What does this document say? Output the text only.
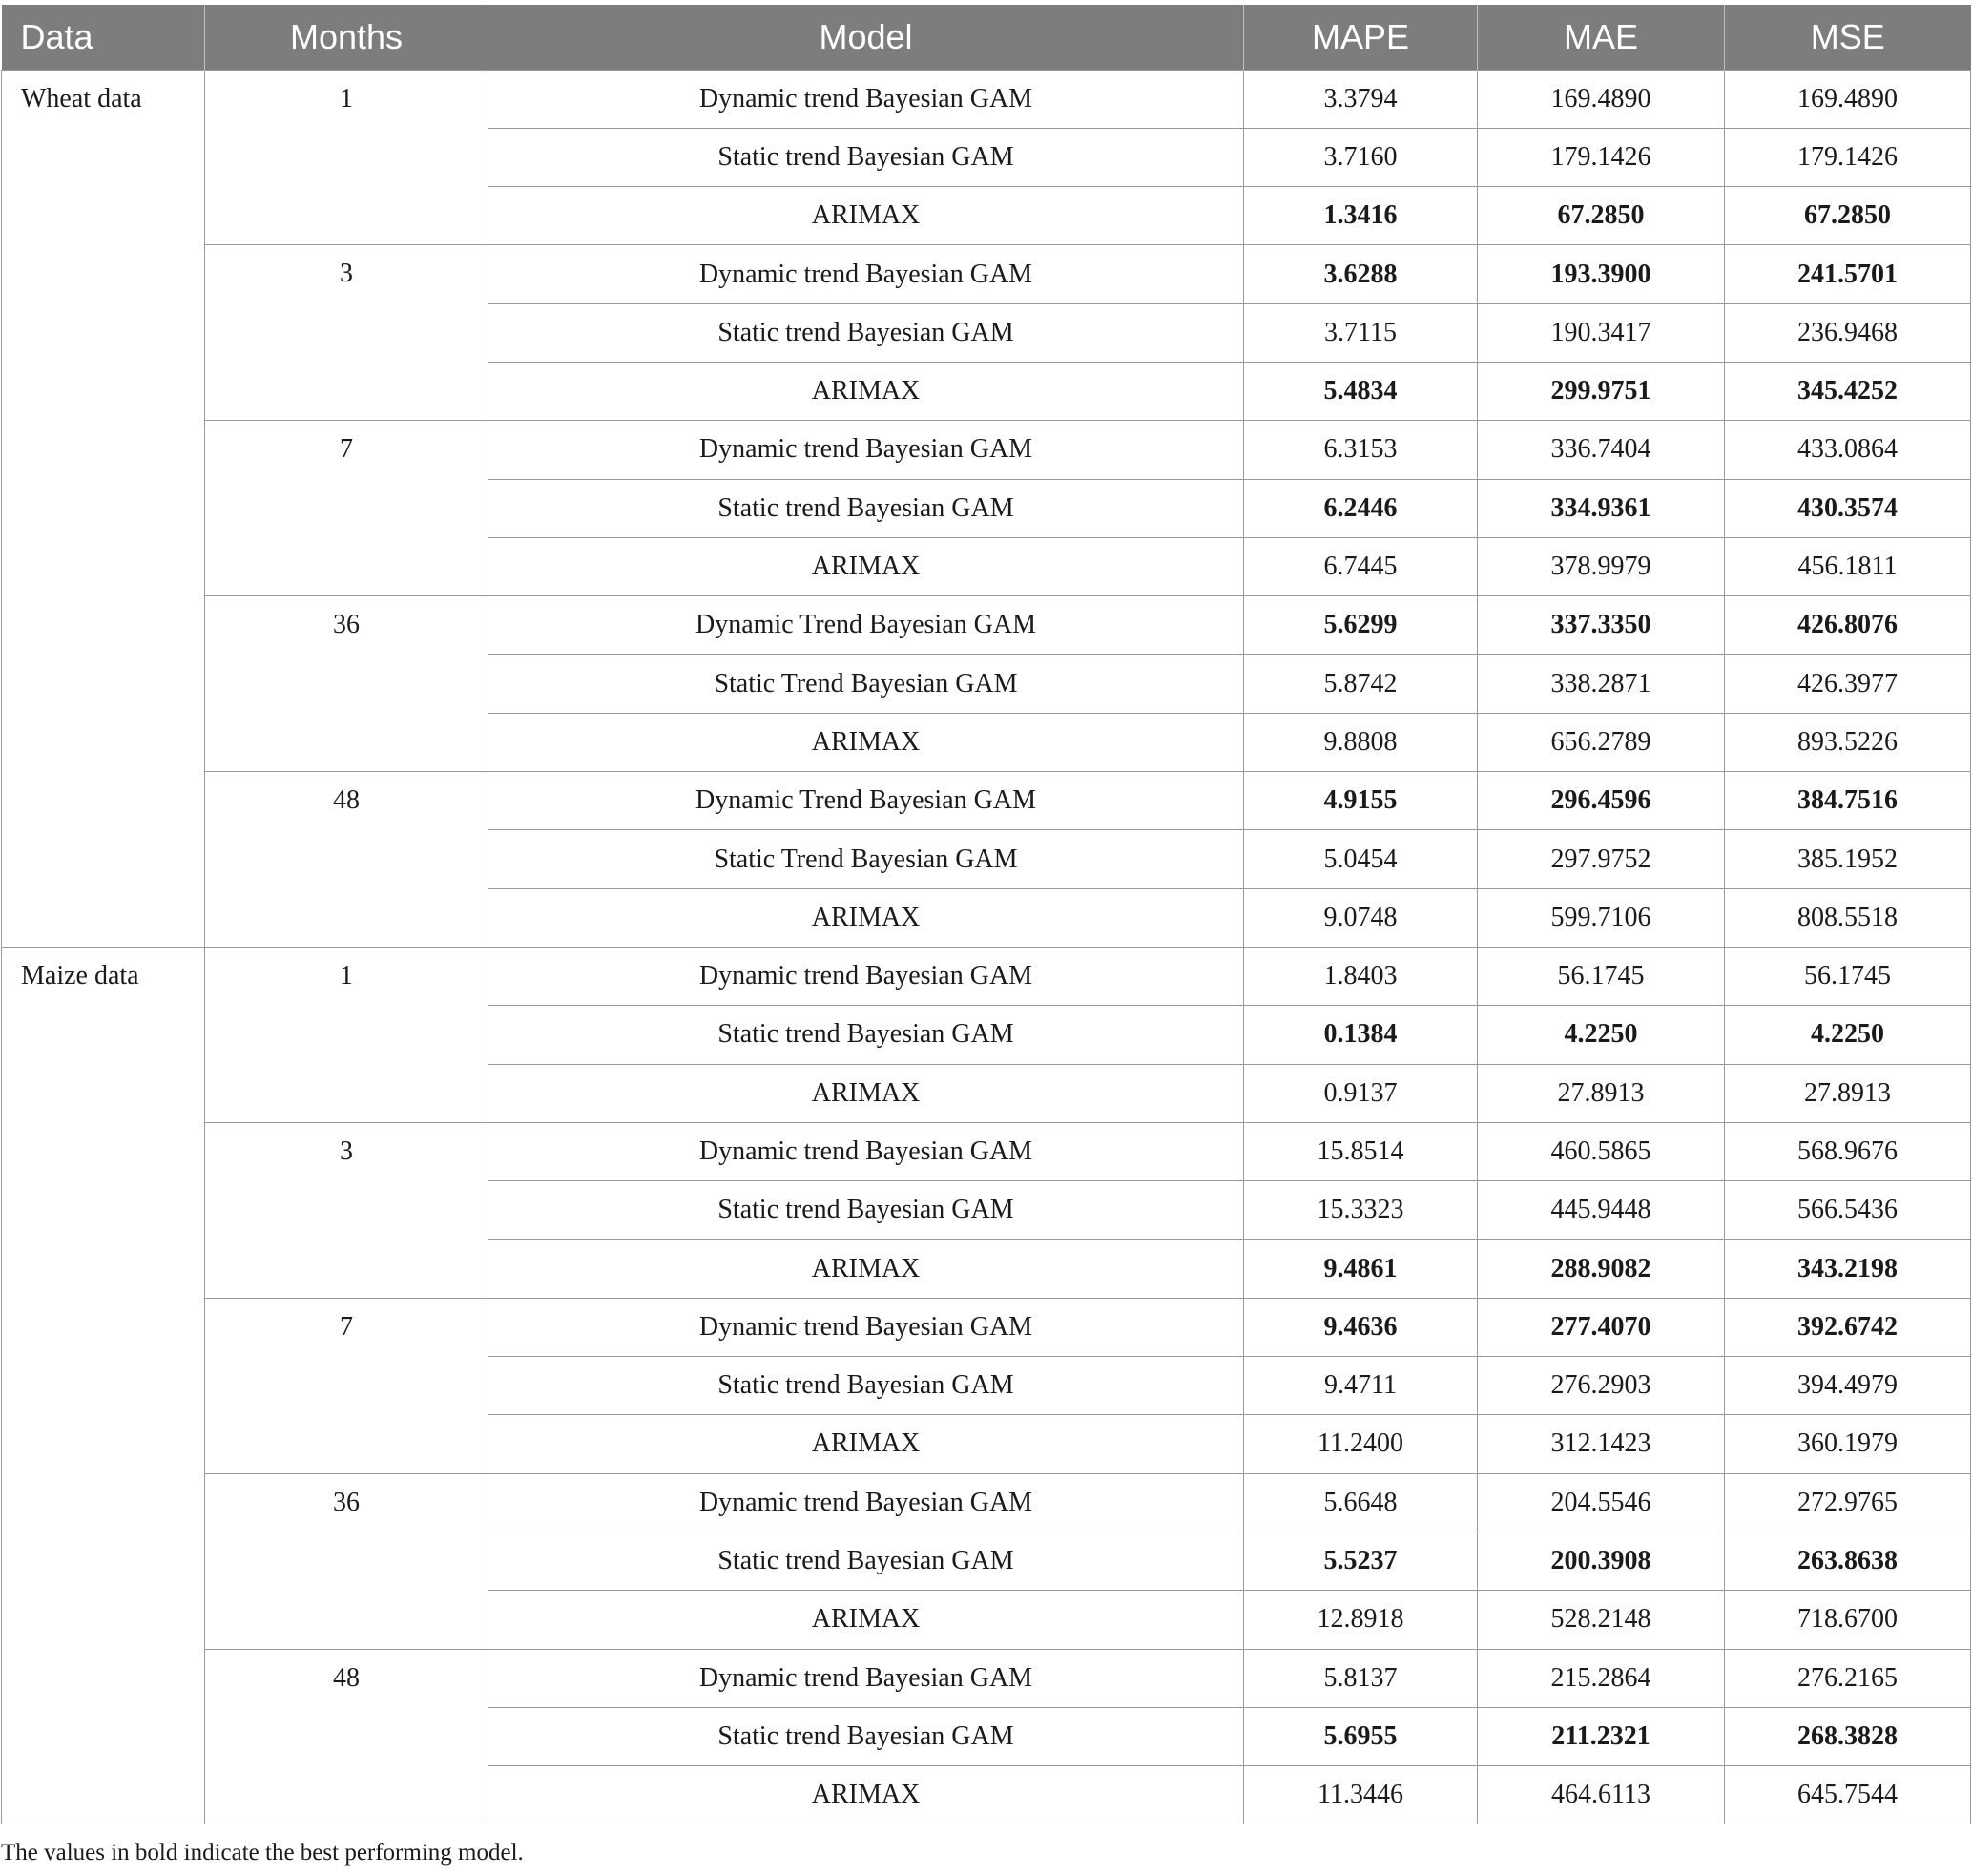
Data	Months	Model	MAPE	MAE	MSE
Wheat data	1	Dynamic trend Bayesian GAM	3.3794	169.4890	169.4890
		Static trend Bayesian GAM	3.7160	179.1426	179.1426
		ARIMAX	1.3416	67.2850	67.2850
	3	Dynamic trend Bayesian GAM	3.6288	193.3900	241.5701
		Static trend Bayesian GAM	3.7115	190.3417	236.9468
		ARIMAX	5.4834	299.9751	345.4252
	7	Dynamic trend Bayesian GAM	6.3153	336.7404	433.0864
		Static trend Bayesian GAM	6.2446	334.9361	430.3574
		ARIMAX	6.7445	378.9979	456.1811
	36	Dynamic Trend Bayesian GAM	5.6299	337.3350	426.8076
		Static Trend Bayesian GAM	5.8742	338.2871	426.3977
		ARIMAX	9.8808	656.2789	893.5226
	48	Dynamic Trend Bayesian GAM	4.9155	296.4596	384.7516
		Static Trend Bayesian GAM	5.0454	297.9752	385.1952
		ARIMAX	9.0748	599.7106	808.5518
Maize data	1	Dynamic trend Bayesian GAM	1.8403	56.1745	56.1745
		Static trend Bayesian GAM	0.1384	4.2250	4.2250
		ARIMAX	0.9137	27.8913	27.8913
	3	Dynamic trend Bayesian GAM	15.8514	460.5865	568.9676
		Static trend Bayesian GAM	15.3323	445.9448	566.5436
		ARIMAX	9.4861	288.9082	343.2198
	7	Dynamic trend Bayesian GAM	9.4636	277.4070	392.6742
		Static trend Bayesian GAM	9.4711	276.2903	394.4979
		ARIMAX	11.2400	312.1423	360.1979
	36	Dynamic trend Bayesian GAM	5.6648	204.5546	272.9765
		Static trend Bayesian GAM	5.5237	200.3908	263.8638
		ARIMAX	12.8918	528.2148	718.6700
	48	Dynamic trend Bayesian GAM	5.8137	215.2864	276.2165
		Static trend Bayesian GAM	5.6955	211.2321	268.3828
		ARIMAX	11.3446	464.6113	645.7544
The values in bold indicate the best performing model.
